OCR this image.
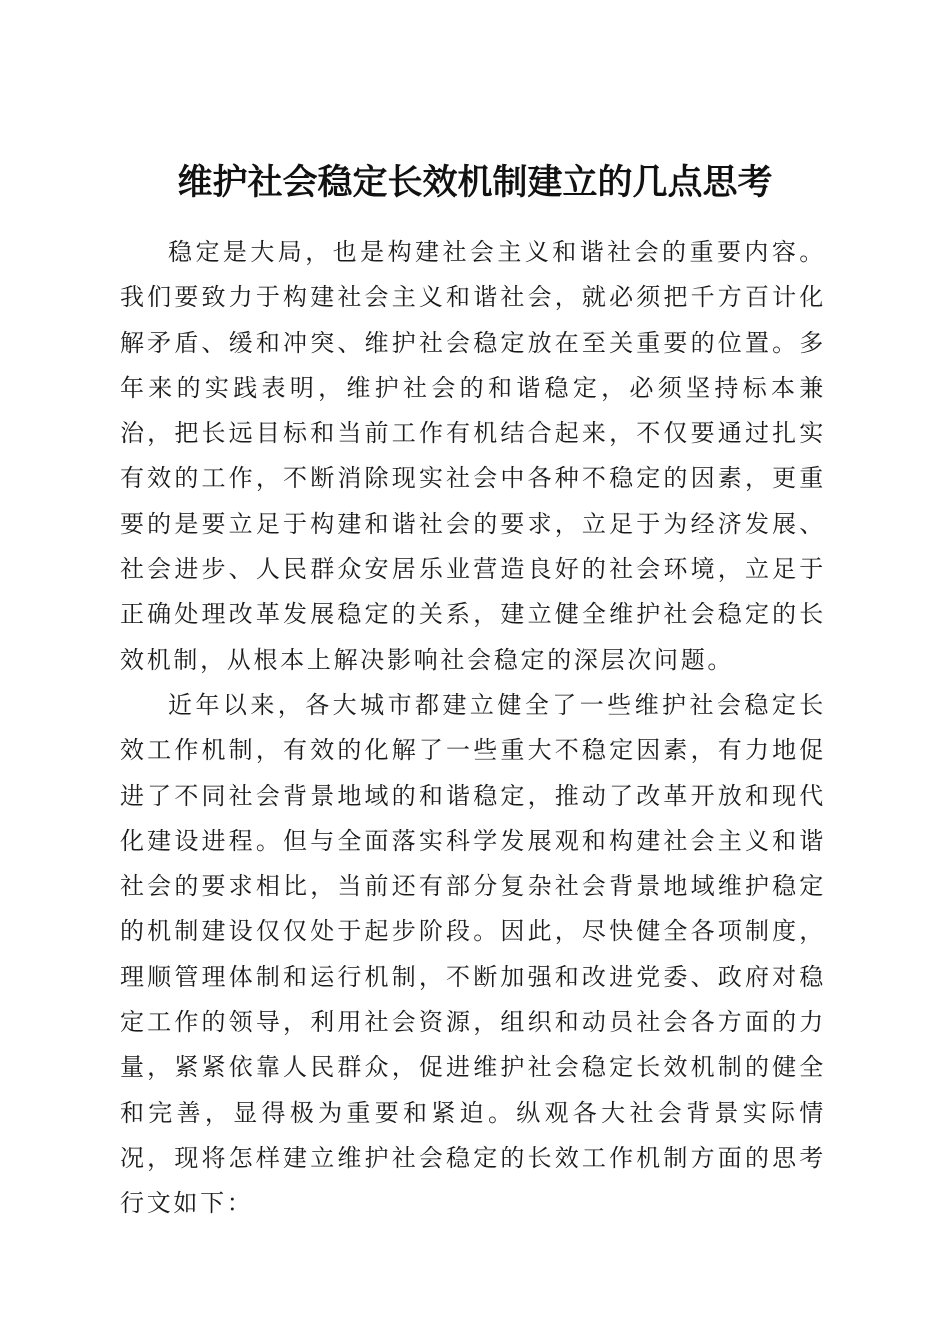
维护社会稳定长效机制建立的几点思考

稳定是大局，也是构建社会主义和谐社会的重要内容。我们要致力于构建社会主义和谐社会，就必须把千方百计化解矛盾、缓和冲突、维护社会稳定放在至关重要的位置。多年来的实践表明，维护社会的和谐稳定，必须坚持标本兼治，把长远目标和当前工作有机结合起来，不仅要通过扎实有效的工作，不断消除现实社会中各种不稳定的因素，更重要的是要立足于构建和谐社会的要求，立足于为经济发展、社会进步、人民群众安居乐业营造良好的社会环境，立足于正确处理改革发展稳定的关系，建立健全维护社会稳定的长效机制，从根本上解决影响社会稳定的深层次问题。

近年以来，各大城市都建立健全了一些维护社会稳定长效工作机制，有效的化解了一些重大不稳定因素，有力地促进了不同社会背景地域的和谐稳定，推动了改革开放和现代化建设进程。但与全面落实科学发展观和构建社会主义和谐社会的要求相比，当前还有部分复杂社会背景地域维护稳定的机制建设仅仅处于起步阶段。因此，尽快健全各项制度，理顺管理体制和运行机制，不断加强和改进党委、政府对稳定工作的领导，利用社会资源，组织和动员社会各方面的力量，紧紧依靠人民群众，促进维护社会稳定长效机制的健全和完善，显得极为重要和紧迫。纵观各大社会背景实际情况，现将怎样建立维护社会稳定的长效工作机制方面的思考行文如下：
